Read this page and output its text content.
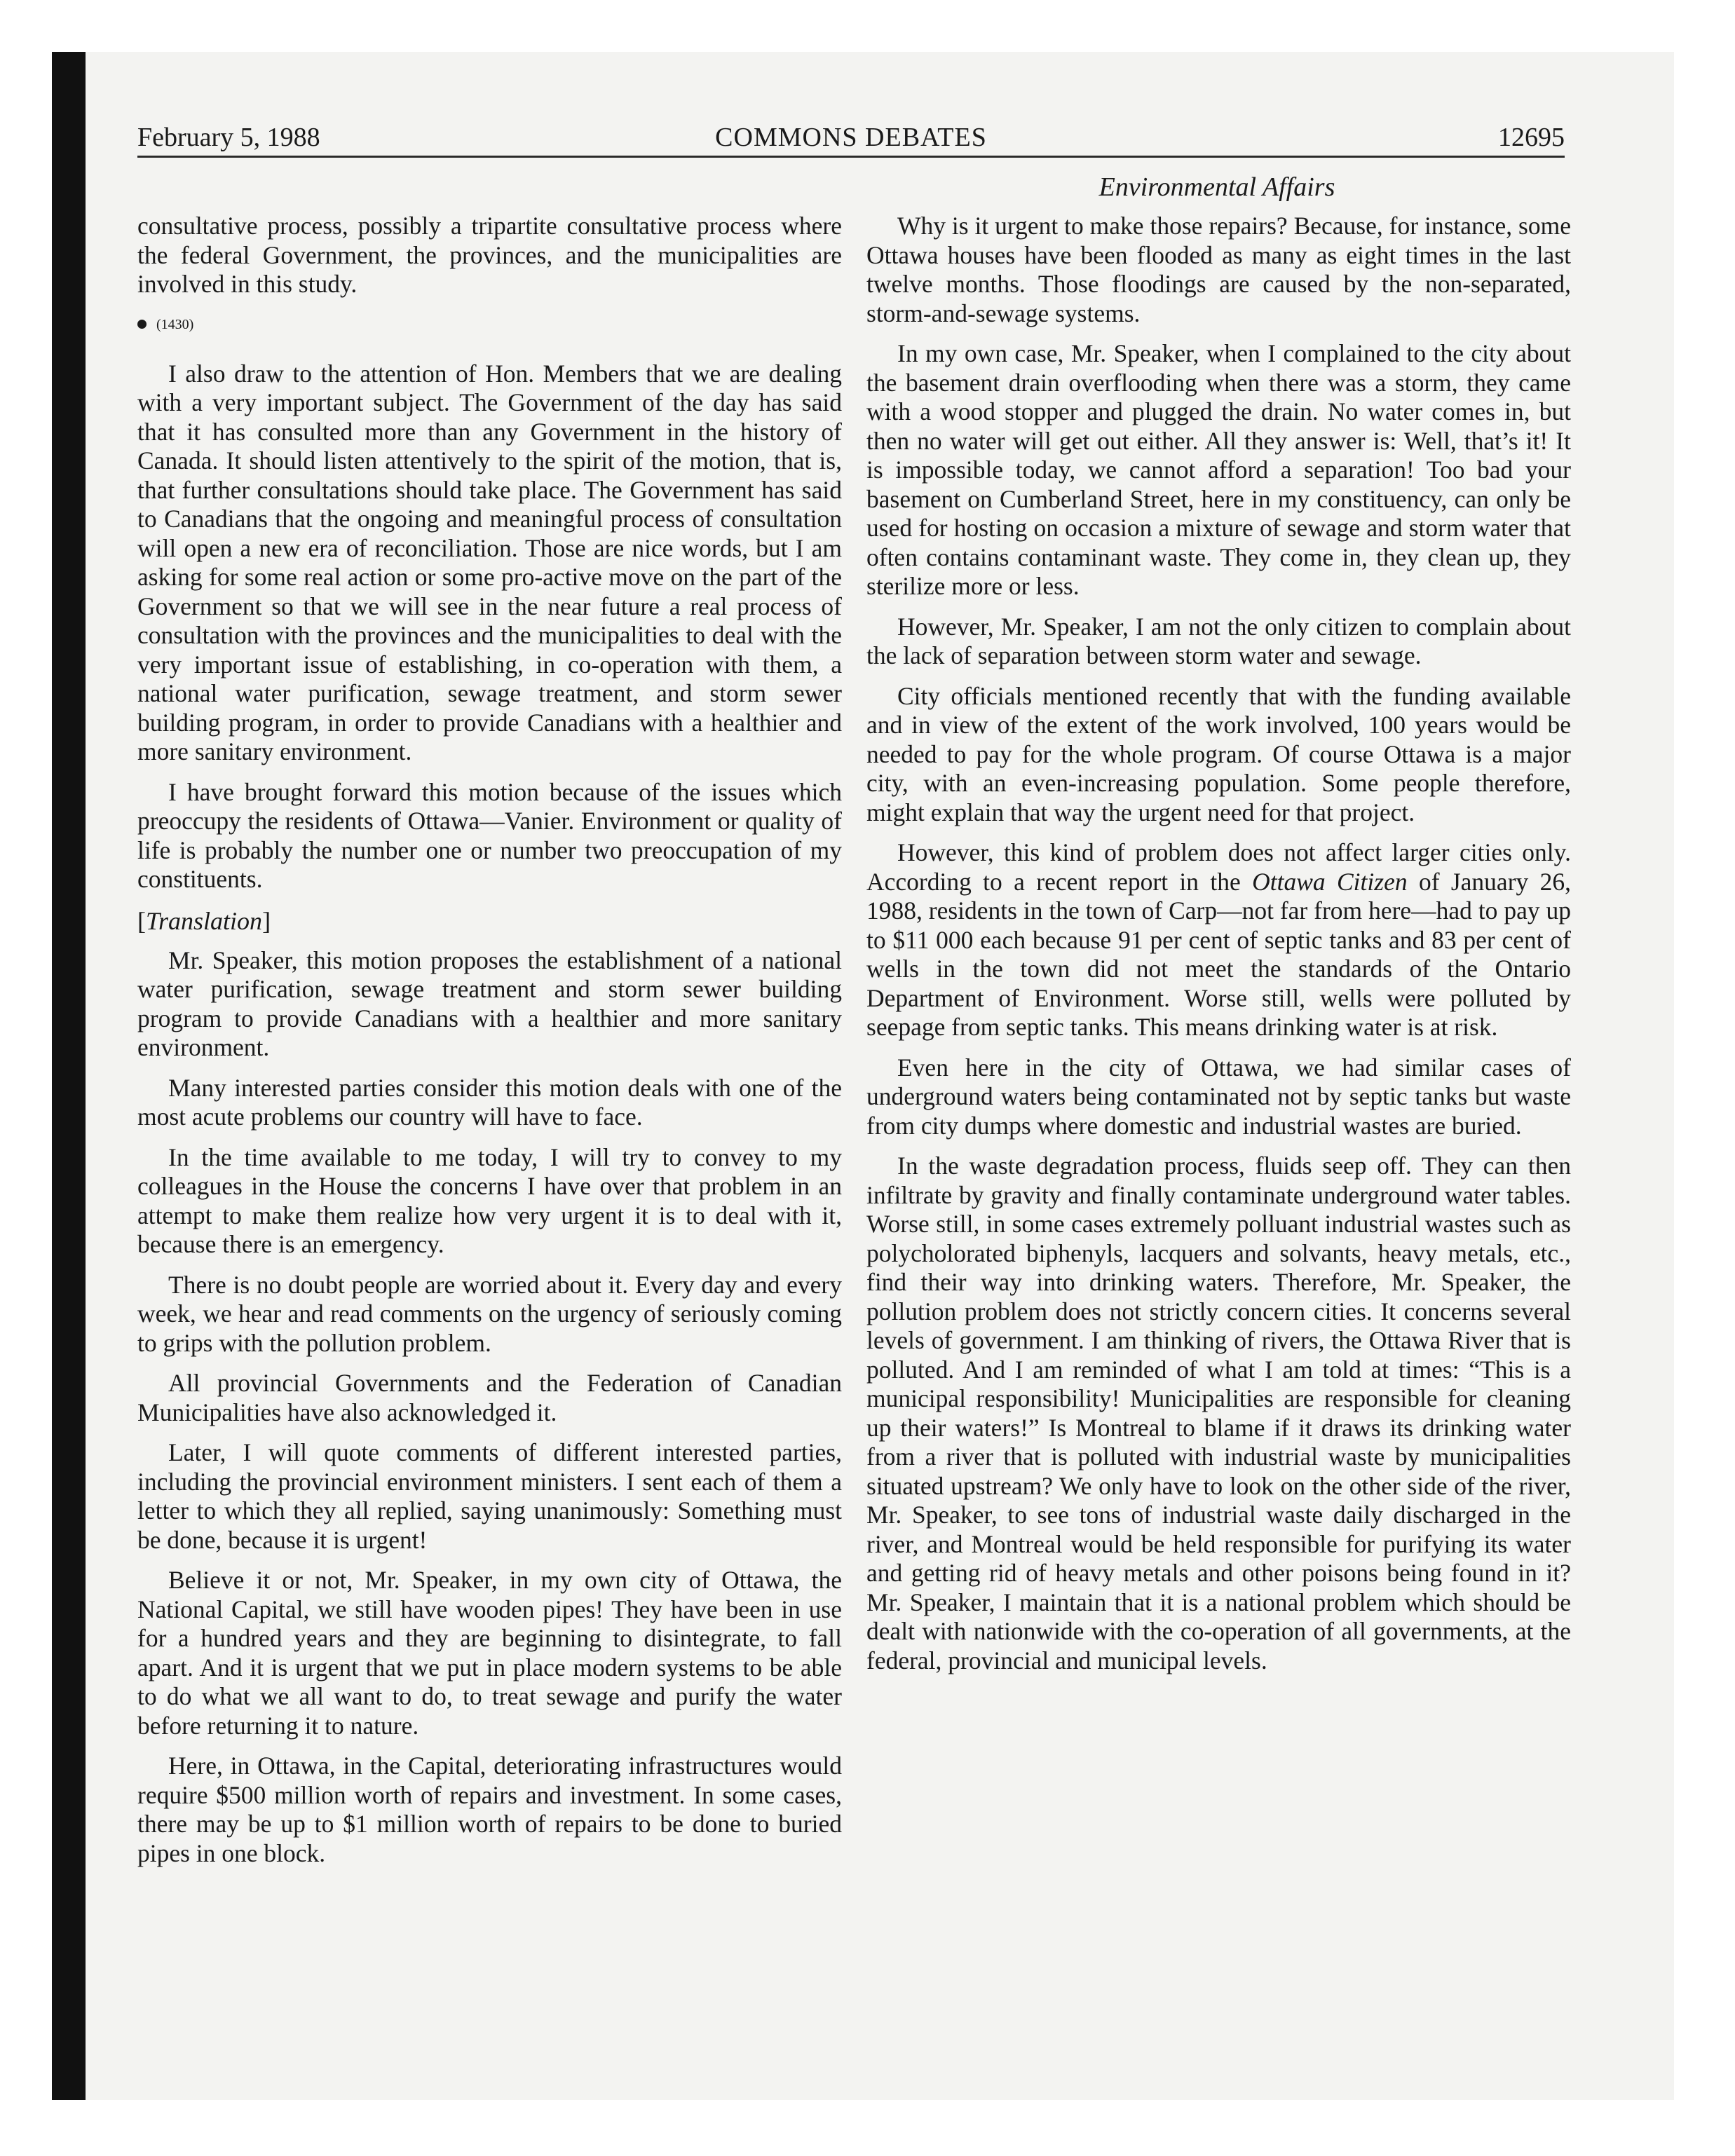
February 5, 1988	COMMONS DEBATES	12695
Environmental Affairs

consultative process, possibly a tripartite consultative process where the federal Government, the provinces, and the municipalities are involved in this study.

(1430)

I also draw to the attention of Hon. Members that we are dealing with a very important subject. The Government of the day has said that it has consulted more than any Government in the history of Canada. It should listen attentively to the spirit of the motion, that is, that further consultations should take place. The Government has said to Canadians that the ongoing and meaningful process of consultation will open a new era of reconciliation. Those are nice words, but I am asking for some real action or some pro-active move on the part of the Government so that we will see in the near future a real process of consultation with the provinces and the municipalities to deal with the very important issue of establishing, in co-operation with them, a national water purification, sewage treatment, and storm sewer building program, in order to provide Canadians with a healthier and more sanitary environment.

I have brought forward this motion because of the issues which preoccupy the residents of Ottawa—Vanier. Environment or quality of life is probably the number one or number two preoccupation of my constituents.

[Translation]

Mr. Speaker, this motion proposes the establishment of a national water purification, sewage treatment and storm sewer building program to provide Canadians with a healthier and more sanitary environment.

Many interested parties consider this motion deals with one of the most acute problems our country will have to face.

In the time available to me today, I will try to convey to my colleagues in the House the concerns I have over that problem in an attempt to make them realize how very urgent it is to deal with it, because there is an emergency.

There is no doubt people are worried about it. Every day and every week, we hear and read comments on the urgency of seriously coming to grips with the pollution problem.

All provincial Governments and the Federation of Canadian Municipalities have also acknowledged it.

Later, I will quote comments of different interested parties, including the provincial environment ministers. I sent each of them a letter to which they all replied, saying unanimously: Something must be done, because it is urgent!

Believe it or not, Mr. Speaker, in my own city of Ottawa, the National Capital, we still have wooden pipes! They have been in use for a hundred years and they are beginning to disintegrate, to fall apart. And it is urgent that we put in place modern systems to be able to do what we all want to do, to treat sewage and purify the water before returning it to nature.

Here, in Ottawa, in the Capital, deteriorating infrastructures would require $500 million worth of repairs and investment. In some cases, there may be up to $1 million worth of repairs to be done to buried pipes in one block.

Why is it urgent to make those repairs? Because, for instance, some Ottawa houses have been flooded as many as eight times in the last twelve months. Those floodings are caused by the non-separated, storm-and-sewage systems.

In my own case, Mr. Speaker, when I complained to the city about the basement drain overflooding when there was a storm, they came with a wood stopper and plugged the drain. No water comes in, but then no water will get out either. All they answer is: Well, that’s it! It is impossible today, we cannot afford a separation! Too bad your basement on Cumberland Street, here in my constituency, can only be used for hosting on occasion a mixture of sewage and storm water that often contains contaminant waste. They come in, they clean up, they sterilize more or less.

However, Mr. Speaker, I am not the only citizen to complain about the lack of separation between storm water and sewage.

City officials mentioned recently that with the funding available and in view of the extent of the work involved, 100 years would be needed to pay for the whole program. Of course Ottawa is a major city, with an even-increasing population. Some people therefore, might explain that way the urgent need for that project.

However, this kind of problem does not affect larger cities only. According to a recent report in the Ottawa Citizen of January 26, 1988, residents in the town of Carp—not far from here—had to pay up to $11 000 each because 91 per cent of septic tanks and 83 per cent of wells in the town did not meet the standards of the Ontario Department of Environment. Worse still, wells were polluted by seepage from septic tanks. This means drinking water is at risk.

Even here in the city of Ottawa, we had similar cases of underground waters being contaminated not by septic tanks but waste from city dumps where domestic and industrial wastes are buried.

In the waste degradation process, fluids seep off. They can then infiltrate by gravity and finally contaminate underground water tables. Worse still, in some cases extremely polluant industrial wastes such as polycholorated biphenyls, lacquers and solvants, heavy metals, etc., find their way into drinking waters. Therefore, Mr. Speaker, the pollution problem does not strictly concern cities. It concerns several levels of government. I am thinking of rivers, the Ottawa River that is polluted. And I am reminded of what I am told at times: “This is a municipal responsibility! Municipalities are responsible for cleaning up their waters!” Is Montreal to blame if it draws its drinking water from a river that is polluted with industrial waste by municipalities situated upstream? We only have to look on the other side of the river, Mr. Speaker, to see tons of industrial waste daily discharged in the river, and Montreal would be held responsible for purifying its water and getting rid of heavy metals and other poisons being found in it? Mr. Speaker, I maintain that it is a national problem which should be dealt with nationwide with the co-operation of all governments, at the federal, provincial and municipal levels.
